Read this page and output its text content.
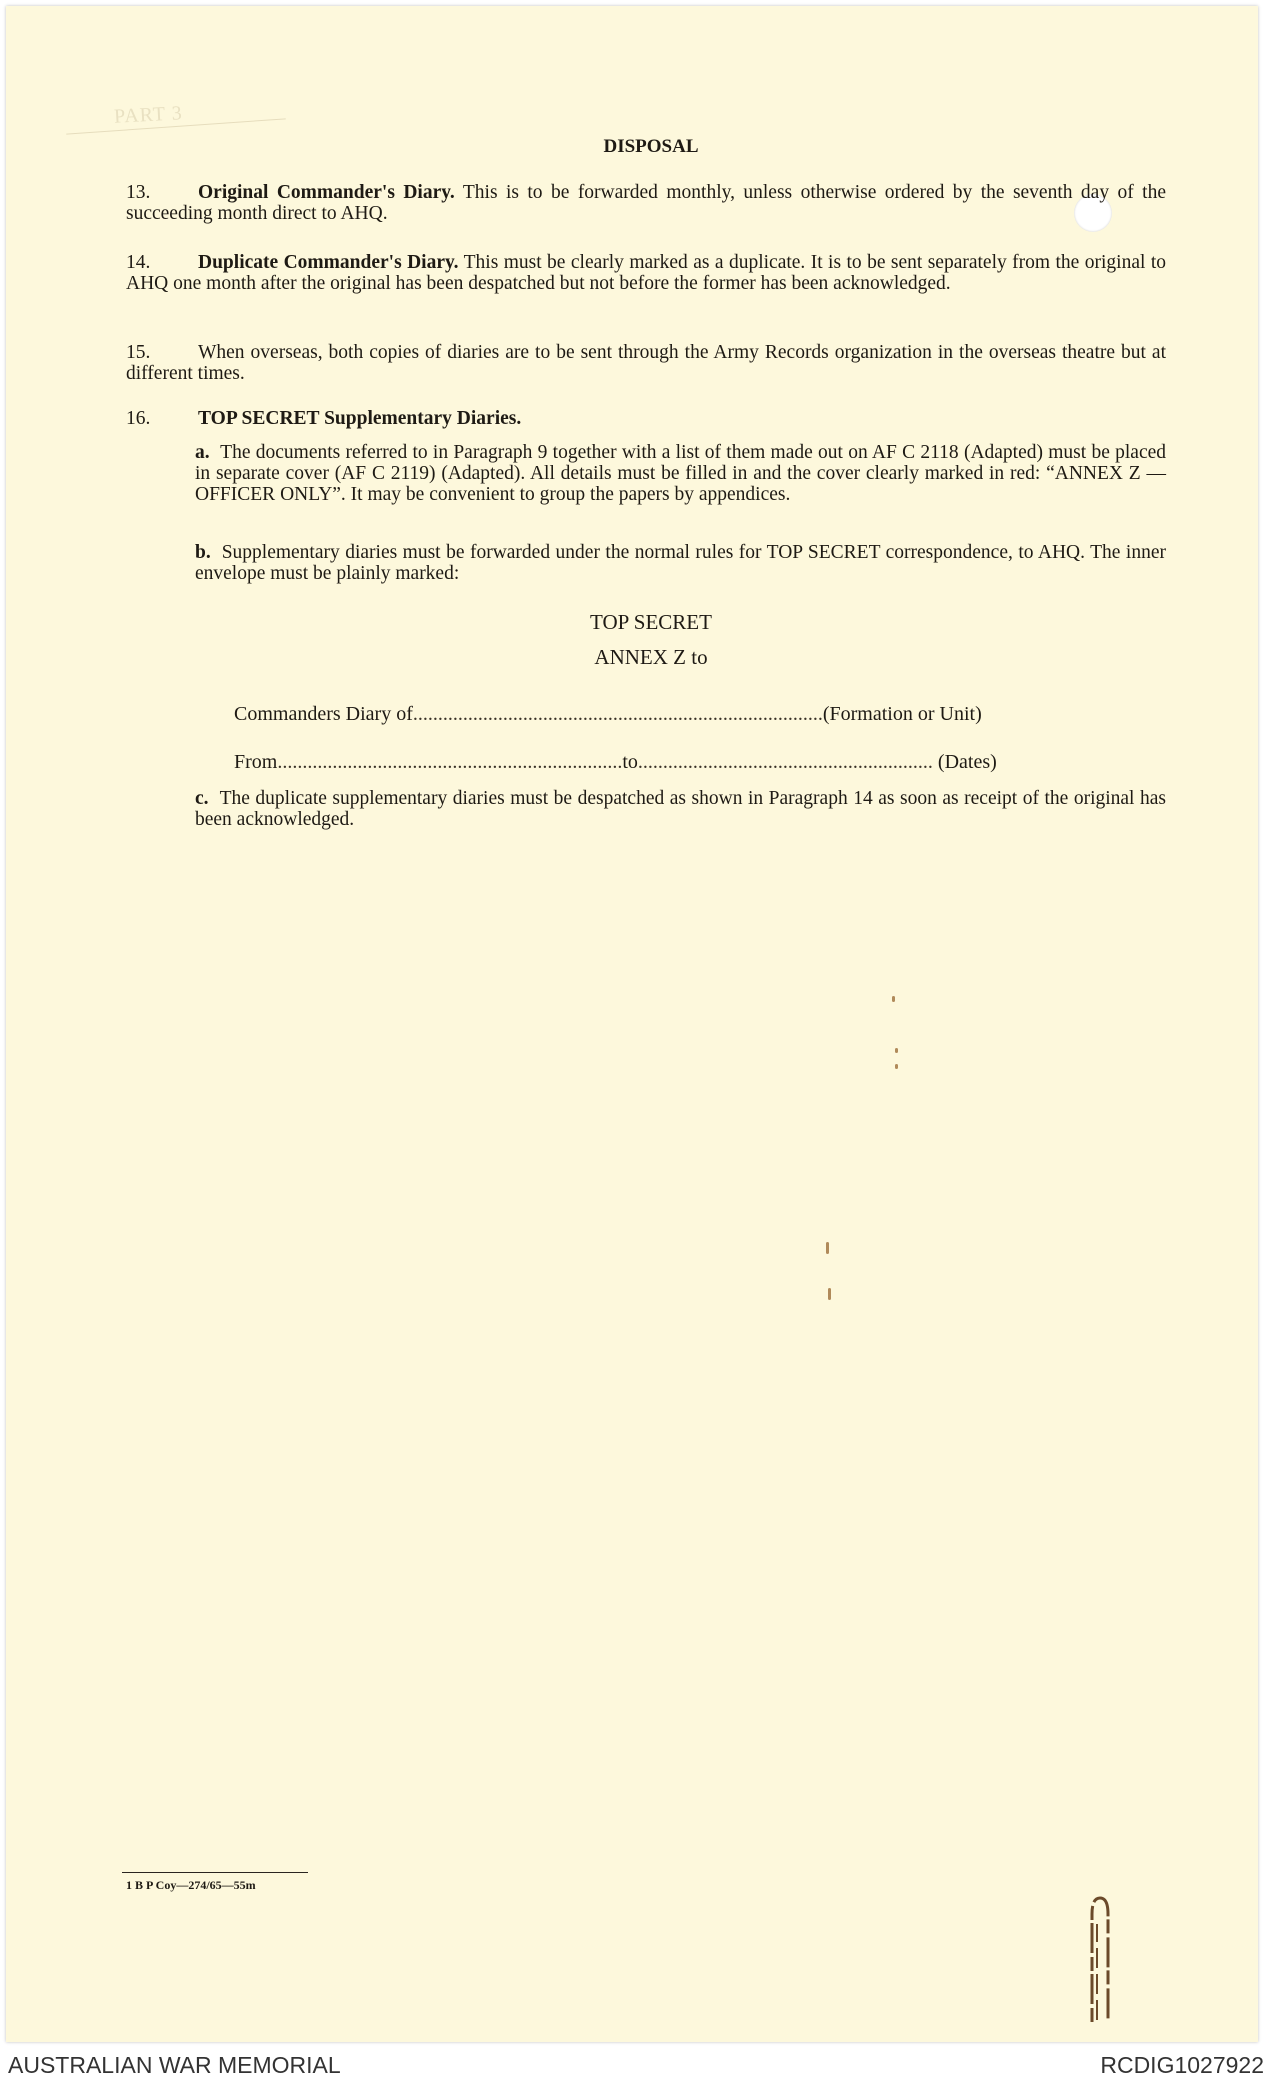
PART 3
DISPOSAL
13. Original Commander's Diary. This is to be forwarded monthly, unless otherwise ordered by the seventh day of the succeeding month direct to AHQ.
14. Duplicate Commander's Diary. This must be clearly marked as a duplicate. It is to be sent separately from the original to AHQ one month after the original has been despatched but not before the former has been acknowledged.
15. When overseas, both copies of diaries are to be sent through the Army Records organization in the overseas theatre but at different times.
16. TOP SECRET Supplementary Diaries.
a. The documents referred to in Paragraph 9 together with a list of them made out on AF C 2118 (Adapted) must be placed in separate cover (AF C 2119) (Adapted). All details must be filled in and the cover clearly marked in red: “ANNEX Z — OFFICER ONLY”. It may be convenient to group the papers by appendices.
b. Supplementary diaries must be forwarded under the normal rules for TOP SECRET correspondence, to AHQ. The inner envelope must be plainly marked:
TOP SECRET
ANNEX Z to
Commanders Diary of..................................................................................(Formation or Unit)
From.....................................................................to........................................................... (Dates)
c. The duplicate supplementary diaries must be despatched as shown in Paragraph 14 as soon as receipt of the original has been acknowledged.
1 B P Coy—274/65—55m
AUSTRALIAN WAR MEMORIAL	RCDIG1027922
